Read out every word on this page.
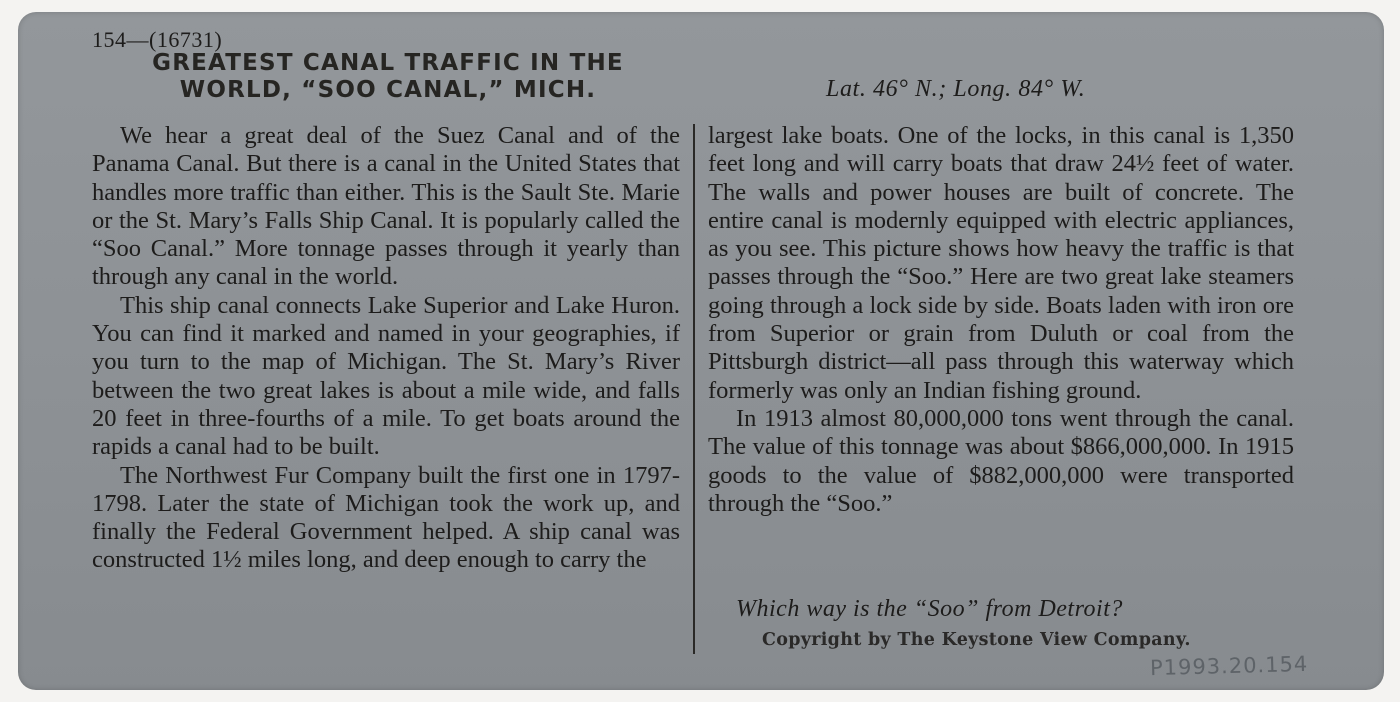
154—(16731)
GREATEST CANAL TRAFFIC IN THE
WORLD, “SOO CANAL,” MICH.	Lat. 46° N.; Long. 84° W.

We hear a great deal of the Suez Canal and of the Panama Canal. But there is a canal in the United States that handles more traffic than either. This is the Sault Ste. Marie or the St. Mary’s Falls Ship Canal. It is popularly called the “Soo Canal.” More tonnage passes through it yearly than through any canal in the world.

This ship canal connects Lake Superior and Lake Huron. You can find it marked and named in your geographies, if you turn to the map of Michigan. The St. Mary’s River between the two great lakes is about a mile wide, and falls 20 feet in three-fourths of a mile. To get boats around the rapids a canal had to be built.

The Northwest Fur Company built the first one in 1797-1798. Later the state of Michigan took the work up, and finally the Federal Government helped. A ship canal was constructed 1½ miles long, and deep enough to carry the

largest lake boats. One of the locks, in this canal is 1,350 feet long and will carry boats that draw 24½ feet of water. The walls and power houses are built of concrete. The entire canal is modernly equipped with electric appliances, as you see. This picture shows how heavy the traffic is that passes through the “Soo.” Here are two great lake steamers going through a lock side by side. Boats laden with iron ore from Superior or grain from Duluth or coal from the Pittsburgh district—all pass through this waterway which formerly was only an Indian fishing ground.

In 1913 almost 80,000,000 tons went through the canal. The value of this tonnage was about $866,000,000. In 1915 goods to the value of $882,000,000 were transported through the “Soo.”

Which way is the “Soo” from Detroit?
Copyright by The Keystone View Company.
P1993.20.154
